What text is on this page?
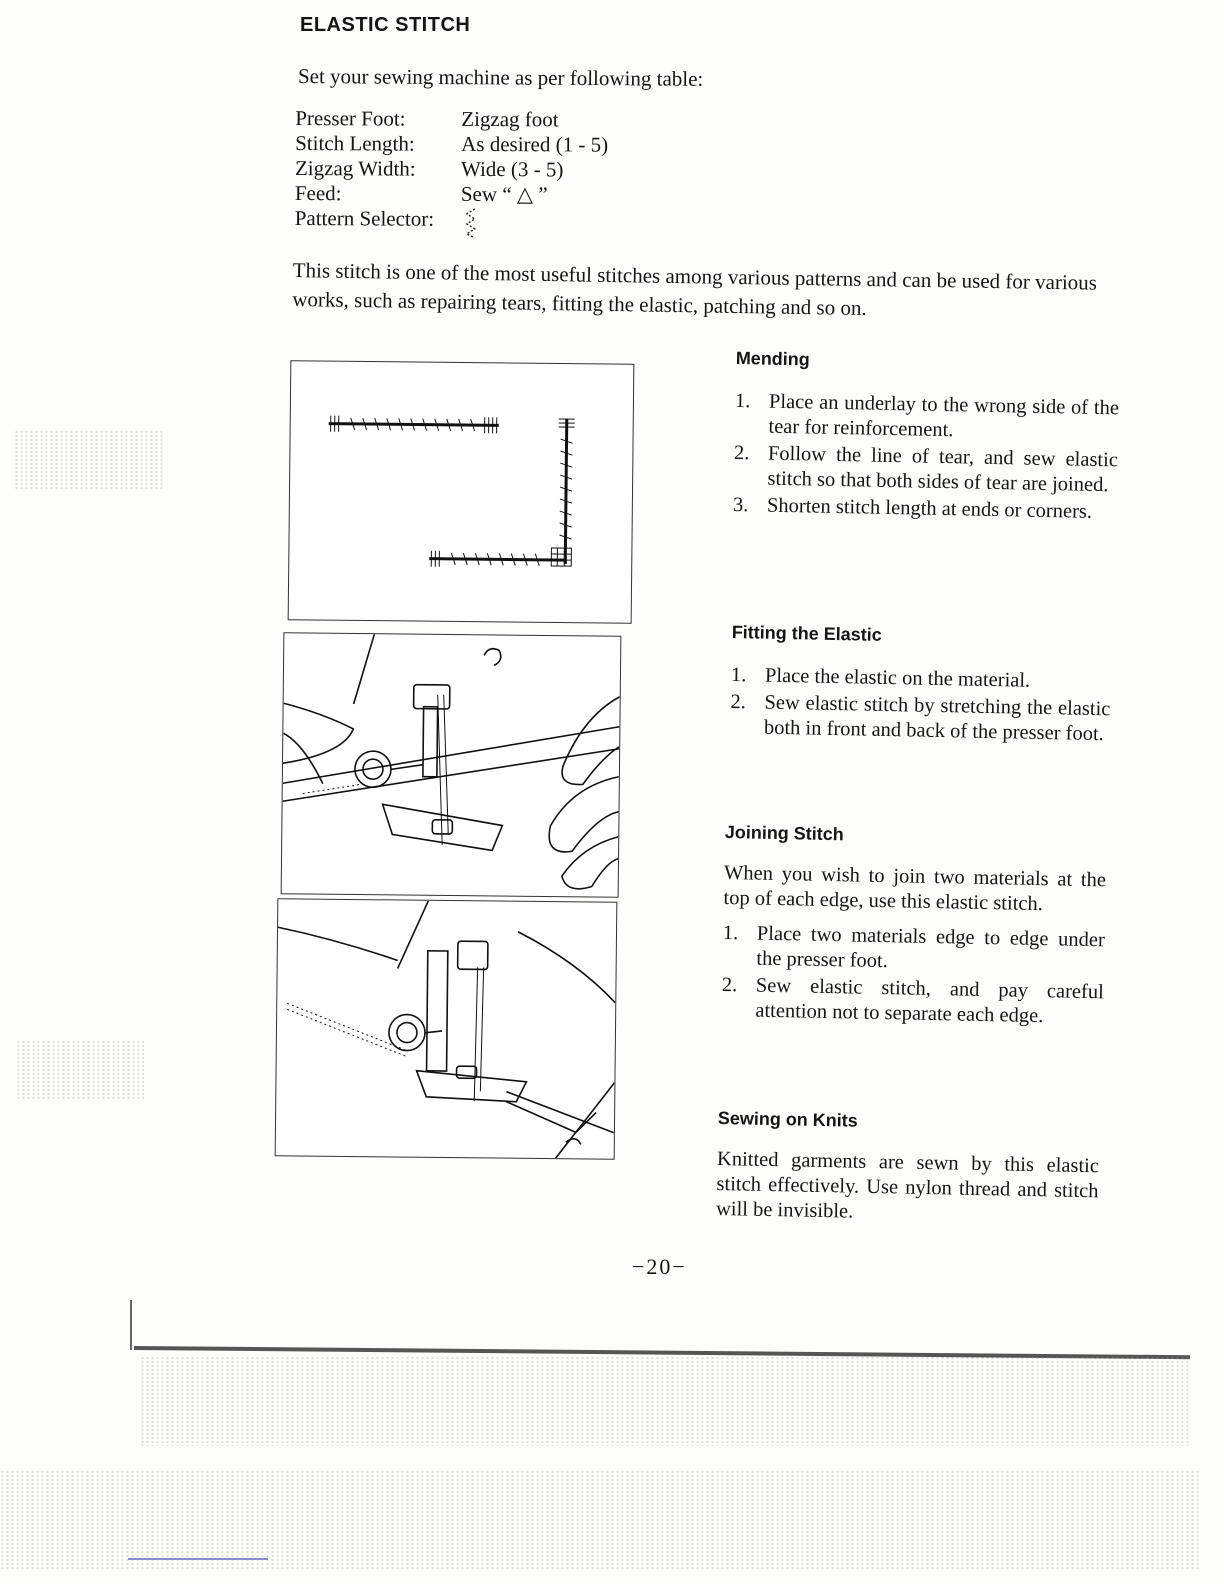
ELASTIC STITCH
Set your sewing machine as per following table:
Presser Foot:	Zigzag foot
Stitch Length:	As desired (1 - 5)
Zigzag Width:	Wide (3 - 5)
Feed:	Sew “ △ ”
Pattern Selector:
This stitch is one of the most useful stitches among various patterns and can be used for various works, such as repairing tears, fitting the elastic, patching and so on.
Mending
1. Place an underlay to the wrong side of the tear for reinforcement.
2. Follow the line of tear, and sew elastic stitch so that both sides of tear are joined.
3. Shorten stitch length at ends or corners.
Fitting the Elastic
1. Place the elastic on the material.
2. Sew elastic stitch by stretching the elastic both in front and back of the presser foot.
Joining Stitch
When you wish to join two materials at the top of each edge, use this elastic stitch.
1. Place two materials edge to edge under the presser foot.
2. Sew elastic stitch, and pay careful attention not to separate each edge.
Sewing on Knits
Knitted garments are sewn by this elastic stitch effectively. Use nylon thread and stitch will be invisible.
−20−
